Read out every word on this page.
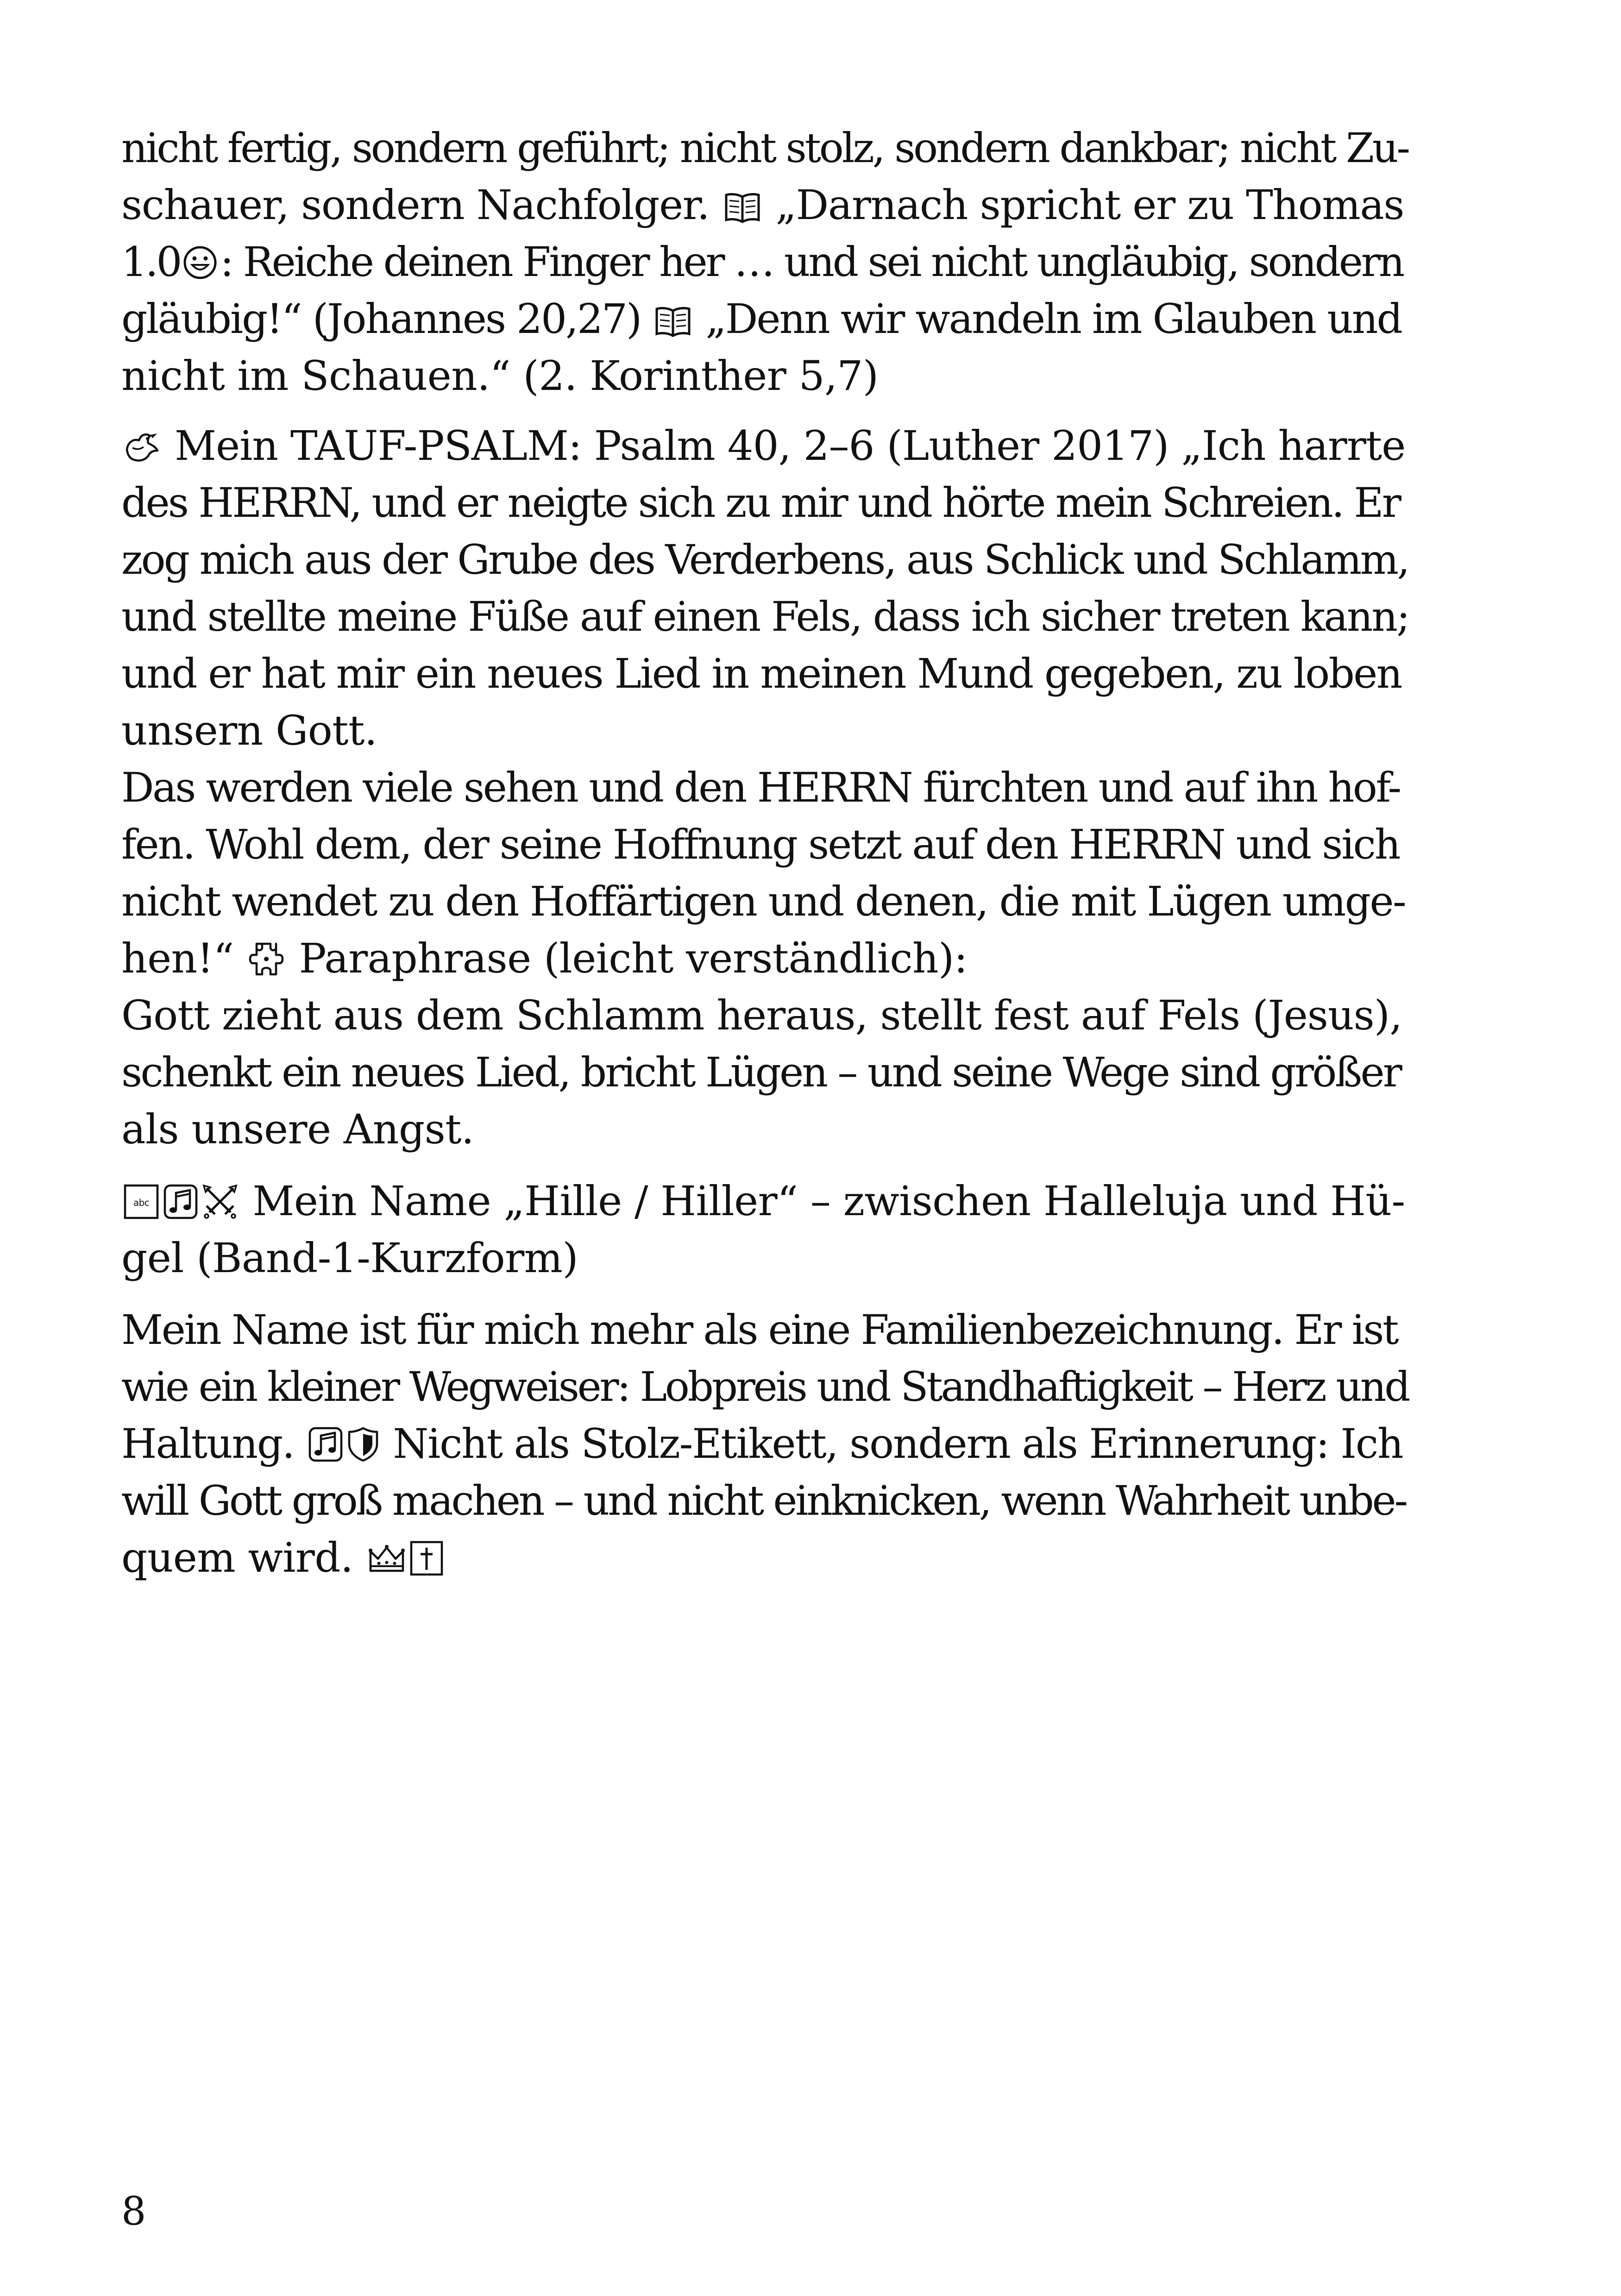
nicht fertig, sondern geführt; nicht stolz, sondern dankbar; nicht Zu-
schauer, sondern Nachfolger. „Darnach spricht er zu Thomas
1.0 : Reiche deinen Finger her … und sei nicht ungläubig, sondern
gläubig!“ (Johannes 20,27) „Denn wir wandeln im Glauben und
nicht im Schauen.“ (2. Korinther 5,7)

Mein TAUF-PSALM: Psalm 40, 2–6 (Luther 2017) „Ich harrte
des HERRN, und er neigte sich zu mir und hörte mein Schreien. Er
zog mich aus der Grube des Verderbens, aus Schlick und Schlamm,
und stellte meine Füße auf einen Fels, dass ich sicher treten kann;
und er hat mir ein neues Lied in meinen Mund gegeben, zu loben
unsern Gott.
Das werden viele sehen und den HERRN fürchten und auf ihn hof-
fen. Wohl dem, der seine Hoffnung setzt auf den HERRN und sich
nicht wendet zu den Hoffärtigen und denen, die mit Lügen umge-
hen!“ Paraphrase (leicht verständlich):
Gott zieht aus dem Schlamm heraus, stellt fest auf Fels (Jesus),
schenkt ein neues Lied, bricht Lügen – und seine Wege sind größer
als unsere Angst.

abc	Mein Name „Hille / Hiller“ – zwischen Halleluja und Hü-
gel (Band-1-Kurzform)

Mein Name ist für mich mehr als eine Familienbezeichnung. Er ist
wie ein kleiner Wegweiser: Lobpreis und Standhaftigkeit – Herz und
Haltung. Nicht als Stolz-Etikett, sondern als Erinnerung: Ich
will Gott groß machen – und nicht einknicken, wenn Wahrheit unbe-
quem wird.

8
